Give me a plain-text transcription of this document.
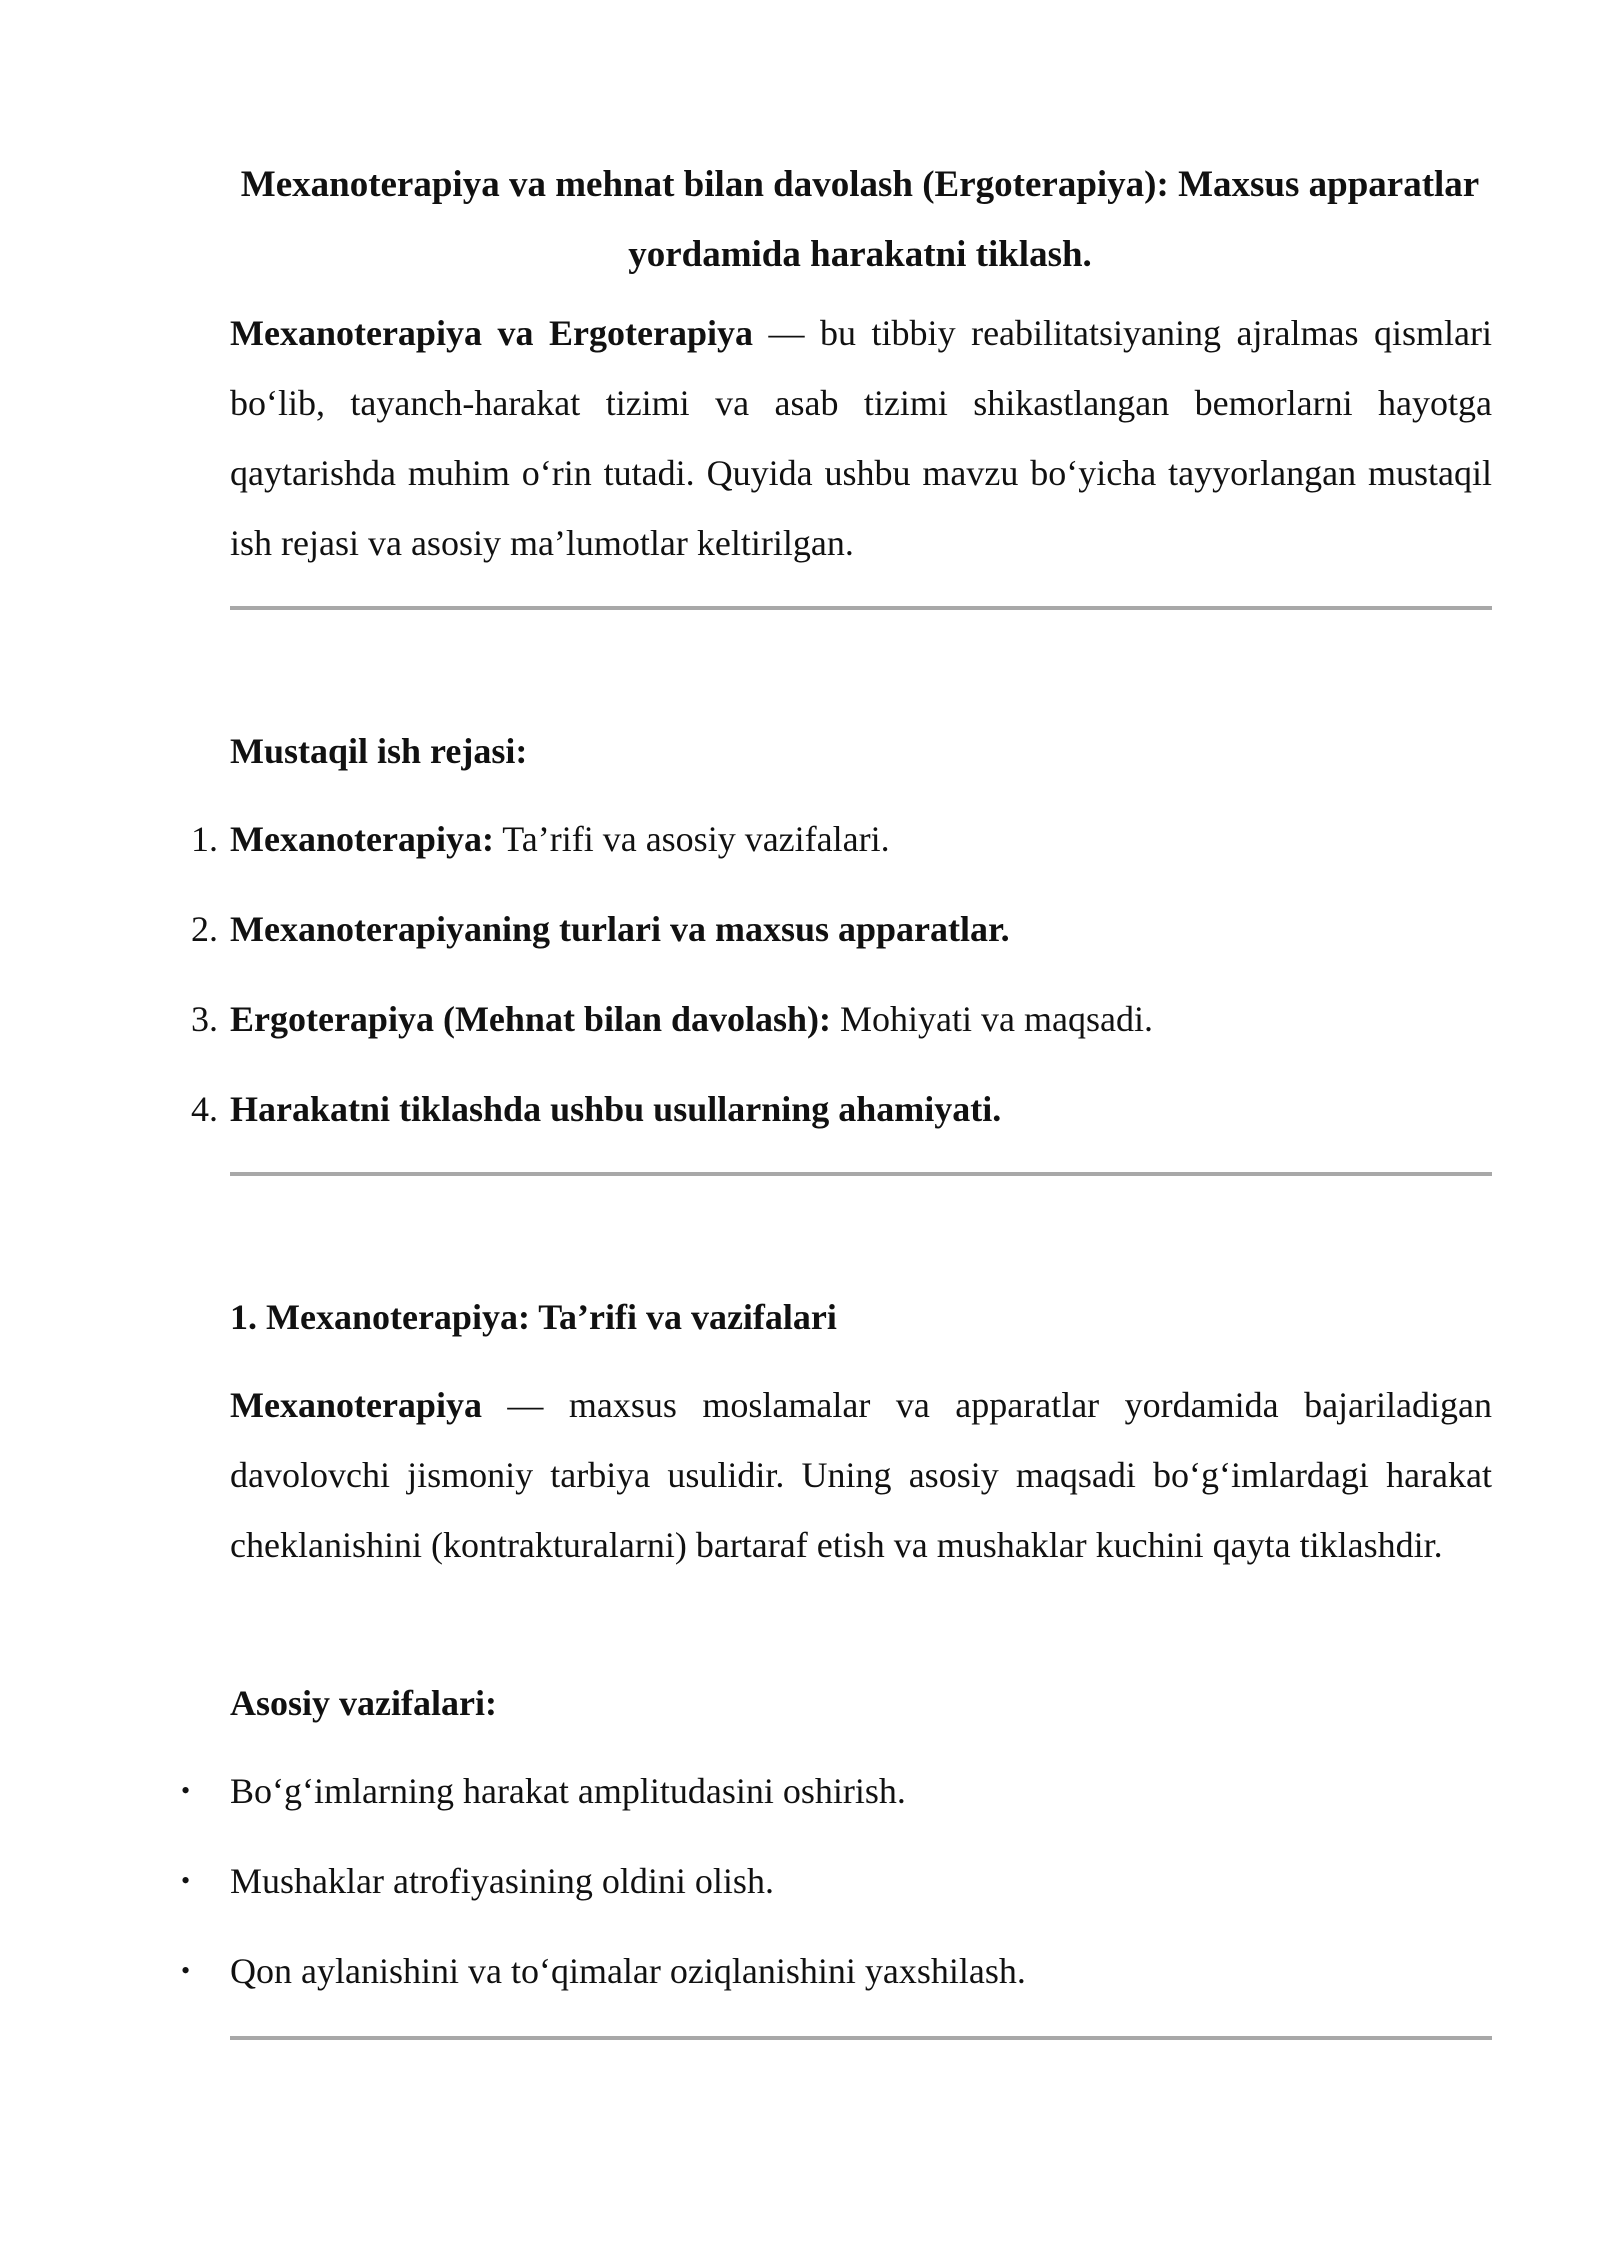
Mexanoterapiya va mehnat bilan davolash (Ergoterapiya): Maxsus apparatlar yordamida harakatni tiklash.

Mexanoterapiya va Ergoterapiya — bu tibbiy reabilitatsiyaning ajralmas qismlari bo‘lib, tayanch-harakat tizimi va asab tizimi shikastlangan bemorlarni hayotga qaytarishda muhim o‘rin tutadi. Quyida ushbu mavzu bo‘yicha tayyorlangan mustaqil ish rejasi va asosiy ma’lumotlar keltirilgan.

Mustaqil ish rejasi:
1. Mexanoterapiya: Ta’rifi va asosiy vazifalari.
2. Mexanoterapiyaning turlari va maxsus apparatlar.
3. Ergoterapiya (Mehnat bilan davolash): Mohiyati va maqsadi.
4. Harakatni tiklashda ushbu usullarning ahamiyati.
1. Mexanoterapiya: Ta’rifi va vazifalari

Mexanoterapiya — maxsus moslamalar va apparatlar yordamida bajariladigan davolovchi jismoniy tarbiya usulidir. Uning asosiy maqsadi bo‘g‘imlardagi harakat cheklanishini (kontrakturalarni) bartaraf etish va mushaklar kuchini qayta tiklashdir.

Asosiy vazifalari:
• Bo‘g‘imlarning harakat amplitudasini oshirish.
• Mushaklar atrofiyasining oldini olish.
• Qon aylanishini va to‘qimalar oziqlanishini yaxshilash.
